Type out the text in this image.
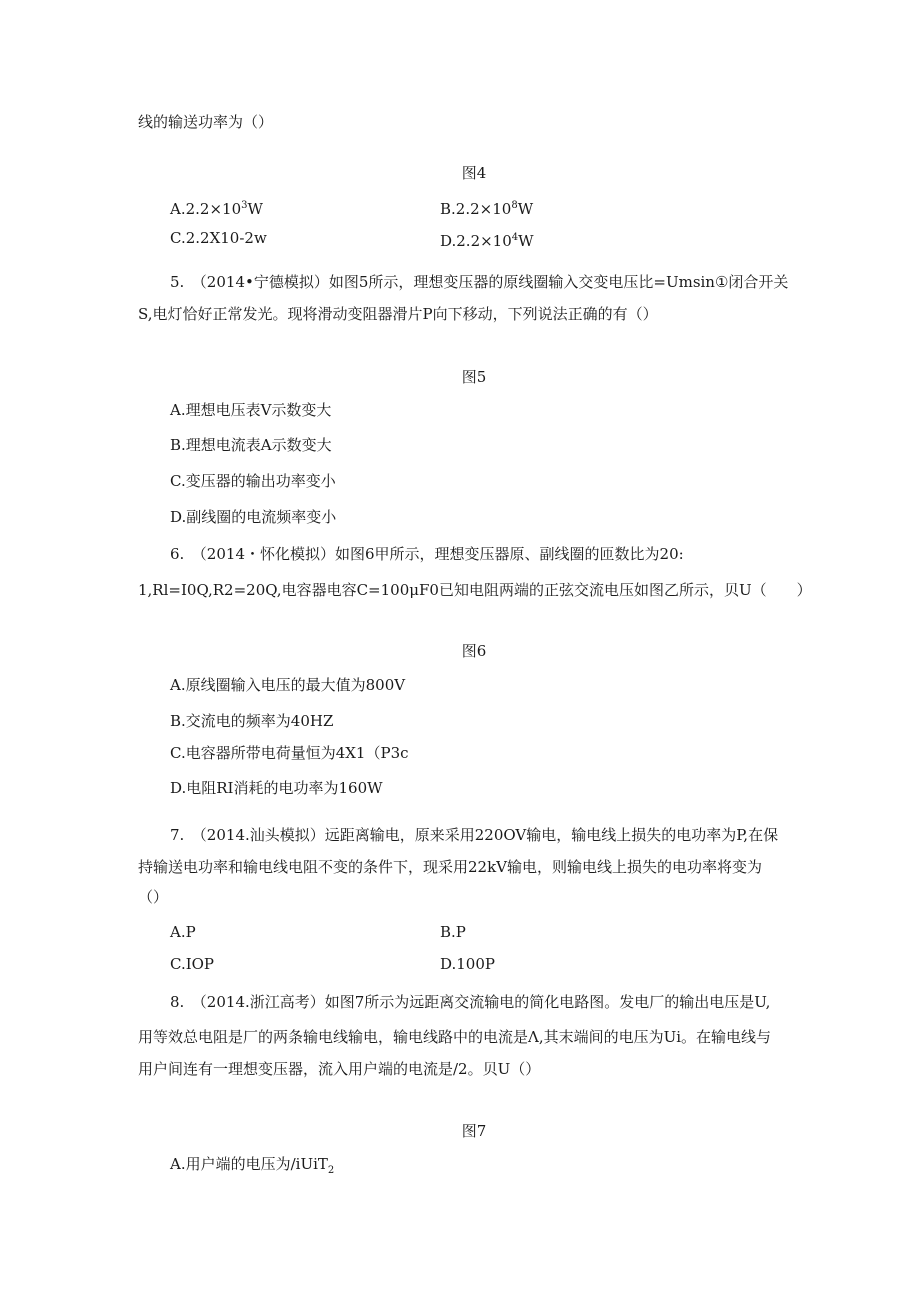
线的输送功率为（）
图4
$A.2.2\times 10^3W$	$B.2.2\times 10^8W$
C.2.2X10-2w	$D.2.2\times 10^4W$
5.　（2014•宁德模拟）如图5所示，理想变压器的原线圈输入交变电压比=Umsin①闭合开关
S,电灯恰好正常发光。现将滑动变阻器滑片P向下移动，下列说法正确的有（）
图5
A.理想电压表V示数变大
B.理想电流表A示数变大
C.变压器的输出功率变小
D.副线圈的电流频率变小
6.　（2014・怀化模拟）如图6甲所示，理想变压器原、副线圈的匝数比为20:
1,Rl=I0Q,R2=20Q,电容器电容C=100μF0已知电阻两端的正弦交流电压如图乙所示，贝U（　　）
图6
A.原线圈输入电压的最大值为800V
B.交流电的频率为40HZ
C.电容器所带电荷量恒为4X1（P3c
D.电阻RI消耗的电功率为160W
7.　（2014.汕头模拟）远距离输电，原来采用220OV输电，输电线上损失的电功率为P,在保
持输送电功率和输电线电阻不变的条件下，现采用22kV输电，则输电线上损失的电功率将变为
（）
A.P	B.P
C.IOP	D.100P
8.　（2014.浙江高考）如图7所示为远距离交流输电的简化电路图。发电厂的输出电压是U,
用等效总电阻是厂的两条输电线输电，输电线路中的电流是Λ,其末端间的电压为Ui。在输电线与
用户间连有一理想变压器，流入用户端的电流是/2。贝U（）
图7
A.用户端的电压为/iUiT$_2$
